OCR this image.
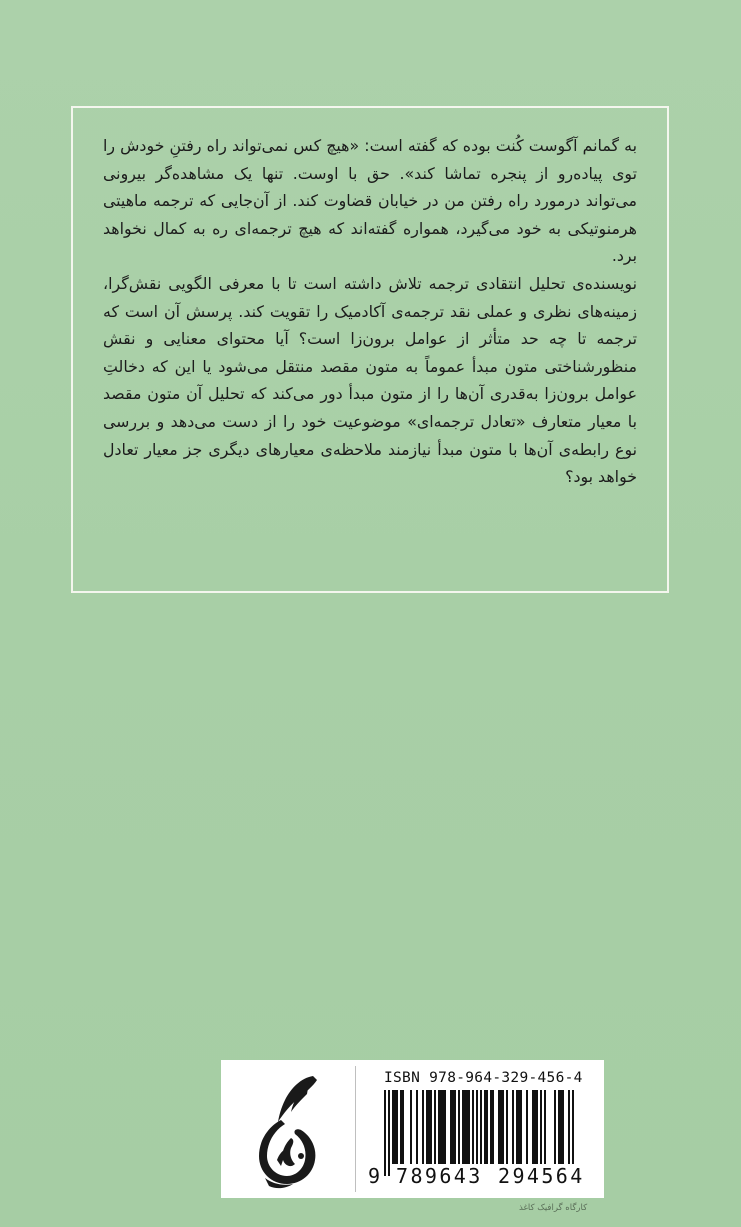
به گمانم آگوست کُنت بوده که گفته است: «هیچ کس نمی‌تواند راه رفتنِ خودش را توی پیاده‌رو از پنجره تماشا کند». حق با اوست. تنها یک مشاهده‌گر بیرونی می‌تواند درمورد راه رفتن من در خیابان قضاوت کند. از آن‌جایی که ترجمه ماهیتی هرمنوتیکی به خود می‌گیرد، همواره گفته‌اند که هیچ ترجمه‌ای ره به کمال نخواهد برد.

نویسنده‌ی تحلیل انتقادی ترجمه تلاش داشته است تا با معرفی الگویی نقش‌گرا، زمینه‌های نظری و عملی نقد ترجمه‌ی آکادمیک را تقویت کند. پرسش آن است که ترجمه تا چه حد متأثر از عوامل برون‌زا است؟ آیا محتوای معنایی و نقش منظورشناختی متون مبدأ عموماً به متون مقصد منتقل می‌شود یا این که دخالتِ عوامل برون‌زا به‌قدری آن‌ها را از متون مبدأ دور می‌کند که تحلیل آن متون مقصد با معیار متعارف «تعادل ترجمه‌ای» موضوعیت خود را از دست می‌دهد و بررسی نوع رابطه‌ی آن‌ها با متون مبدأ نیازمند ملاحظه‌ی معیارهای دیگری جز معیار تعادل خواهد بود؟

ISBN 978-964-329-456-4
9 789643 294564
کارگاه گرافیک کاغذ
